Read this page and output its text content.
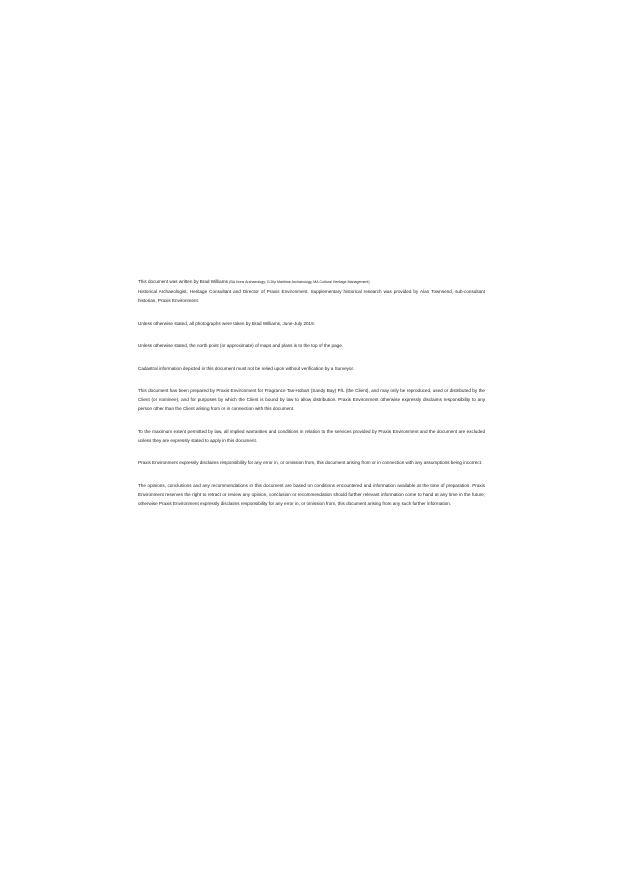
This document was written by Brad Williams (BA Hons Archaeology, G.Dip Maritime Archaeology, MA Cultural Heritage Management)
Historical Archaeologist, Heritage Consultant and Director of Praxis Environment. Supplementary historical research was provided by Alan Townsend, sub-consultant historian, Praxis Environment.

Unless otherwise stated, all photographs were taken by Brad Williams, June-July 2019.

Unless otherwise stated, the north point (or approximate) of maps and plans is to the top of the page.

Cadastral information depicted in this document must not be relied upon without verification by a Surveyor.

This document has been prepared by Praxis Environment for Fragrance Tas-Hobart (Sandy Bay) P/L (the Client), and may only be reproduced, used or distributed by the Client (or nominee), and for purposes by which the Client is bound by law to allow distribution. Praxis Environment otherwise expressly disclaims responsibility to any person other than the Client arising from or in connection with this document.

To the maximum extent permitted by law, all implied warranties and conditions in relation to the services provided by Praxis Environment and the document are excluded unless they are expressly stated to apply in this document.

Praxis Environment expressly disclaims responsibility for any error in, or omission from, this document arising from or in connection with any assumptions being incorrect.

The opinions, conclusions and any recommendations in this document are based on conditions encountered and information available at the time of preparation. Praxis Environment reserves the right to retract or review any opinion, conclusion or recommendation should further relevant information come to hand at any time in the future; otherwise Praxis Environment expressly disclaims responsibility for any error in, or omission from, this document arising from any such further information.
